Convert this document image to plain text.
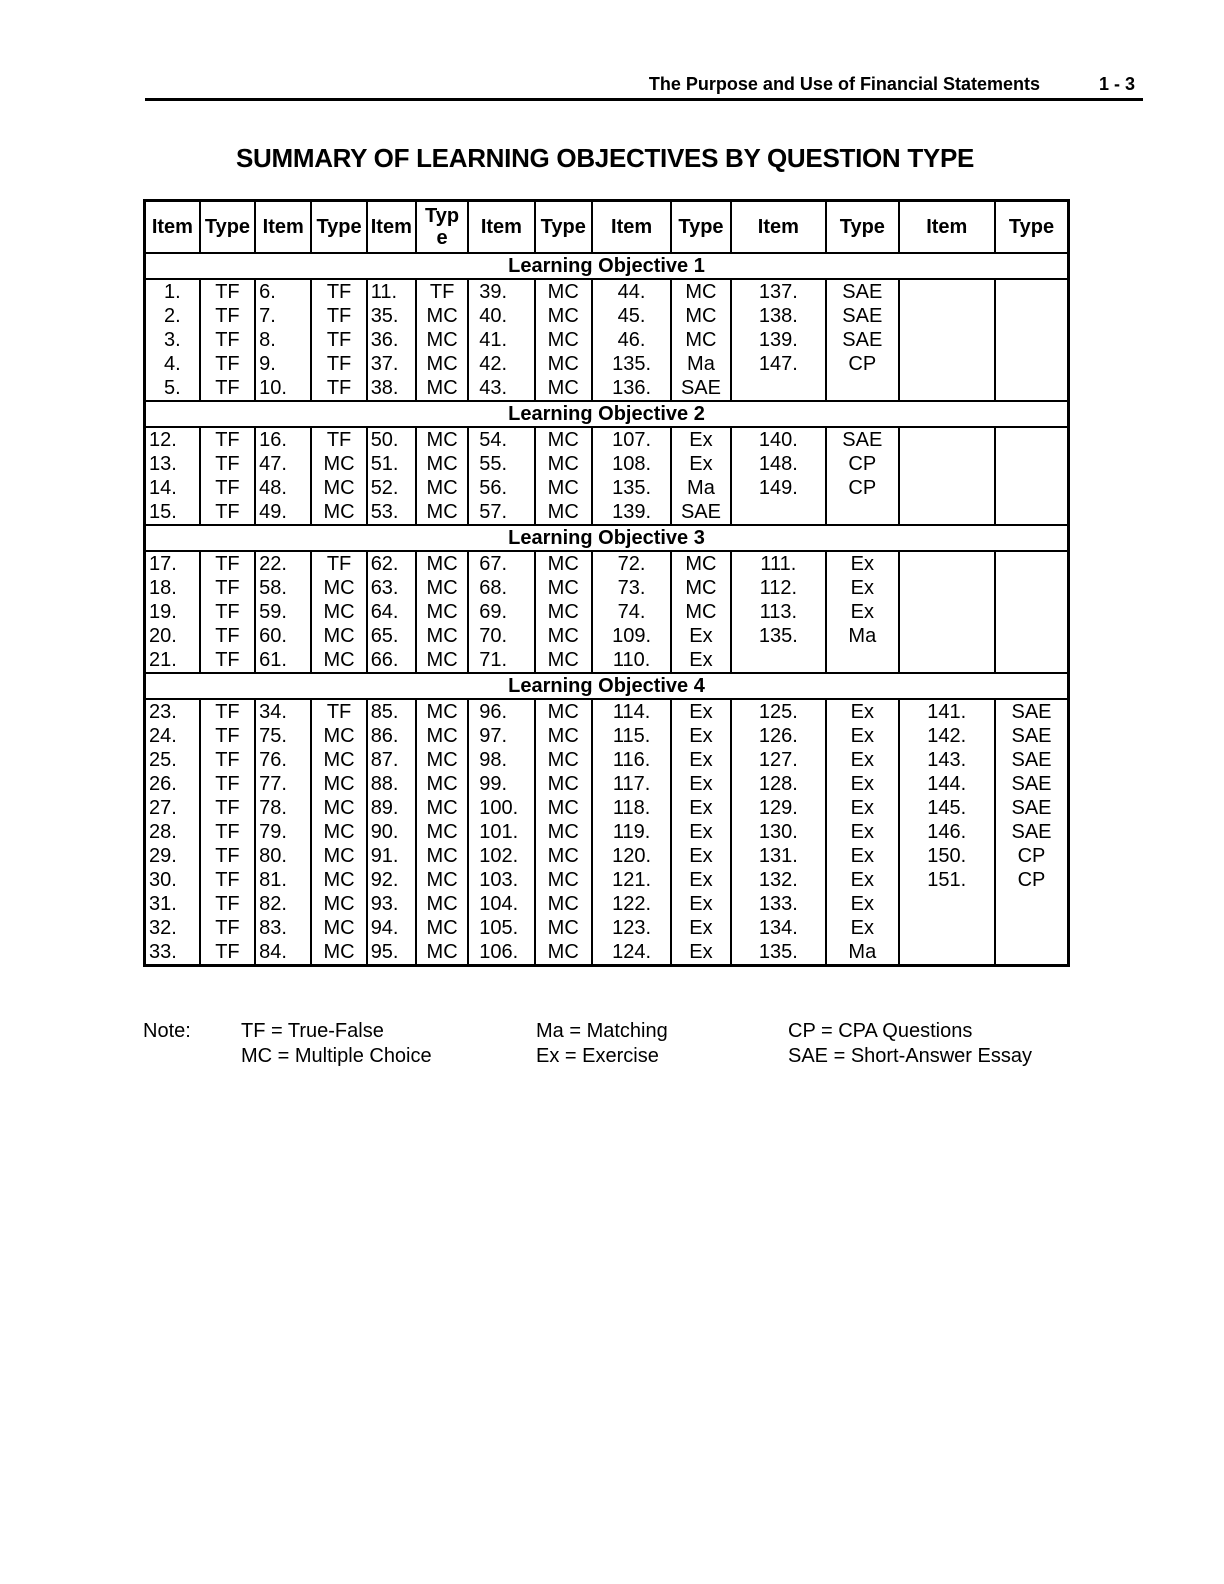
The Purpose and Use of Financial Statements	1 - 3
SUMMARY OF LEARNING OBJECTIVES BY QUESTION TYPE
Item	Type	Item	Type	Item	Typ e	Item	Type	Item	Type	Item	Type	Item	Type
Learning Objective 1													
1.	TF	6.	TF	11.	TF	39.	MC	44.	MC	137.	SAE		
2.	TF	7.	TF	35.	MC	40.	MC	45.	MC	138.	SAE		
3.	TF	8.	TF	36.	MC	41.	MC	46.	MC	139.	SAE		
4.	TF	9.	TF	37.	MC	42.	MC	135.	Ma	147.	CP		
5.	TF	10.	TF	38.	MC	43.	MC	136.	SAE				
Learning Objective 2													
12.	TF	16.	TF	50.	MC	54.	MC	107.	Ex	140.	SAE		
13.	TF	47.	MC	51.	MC	55.	MC	108.	Ex	148.	CP		
14.	TF	48.	MC	52.	MC	56.	MC	135.	Ma	149.	CP		
15.	TF	49.	MC	53.	MC	57.	MC	139.	SAE				
Learning Objective 3													
17.	TF	22.	TF	62.	MC	67.	MC	72.	MC	111.	Ex		
18.	TF	58.	MC	63.	MC	68.	MC	73.	MC	112.	Ex		
19.	TF	59.	MC	64.	MC	69.	MC	74.	MC	113.	Ex		
20.	TF	60.	MC	65.	MC	70.	MC	109.	Ex	135.	Ma		
21.	TF	61.	MC	66.	MC	71.	MC	110.	Ex				
Learning Objective 4													
23.	TF	34.	TF	85.	MC	96.	MC	114.	Ex	125.	Ex	141.	SAE
24.	TF	75.	MC	86.	MC	97.	MC	115.	Ex	126.	Ex	142.	SAE
25.	TF	76.	MC	87.	MC	98.	MC	116.	Ex	127.	Ex	143.	SAE
26.	TF	77.	MC	88.	MC	99.	MC	117.	Ex	128.	Ex	144.	SAE
27.	TF	78.	MC	89.	MC	100.	MC	118.	Ex	129.	Ex	145.	SAE
28.	TF	79.	MC	90.	MC	101.	MC	119.	Ex	130.	Ex	146.	SAE
29.	TF	80.	MC	91.	MC	102.	MC	120.	Ex	131.	Ex	150.	CP
30.	TF	81.	MC	92.	MC	103.	MC	121.	Ex	132.	Ex	151.	CP
31.	TF	82.	MC	93.	MC	104.	MC	122.	Ex	133.	Ex		
32.	TF	83.	MC	94.	MC	105.	MC	123.	Ex	134.	Ex		
33.	TF	84.	MC	95.	MC	106.	MC	124.	Ex	135.	Ma		
Note:	TF = True-False
MC = Multiple Choice
Ma = Matching
Ex = Exercise
CP = CPA Questions
SAE = Short-Answer Essay
